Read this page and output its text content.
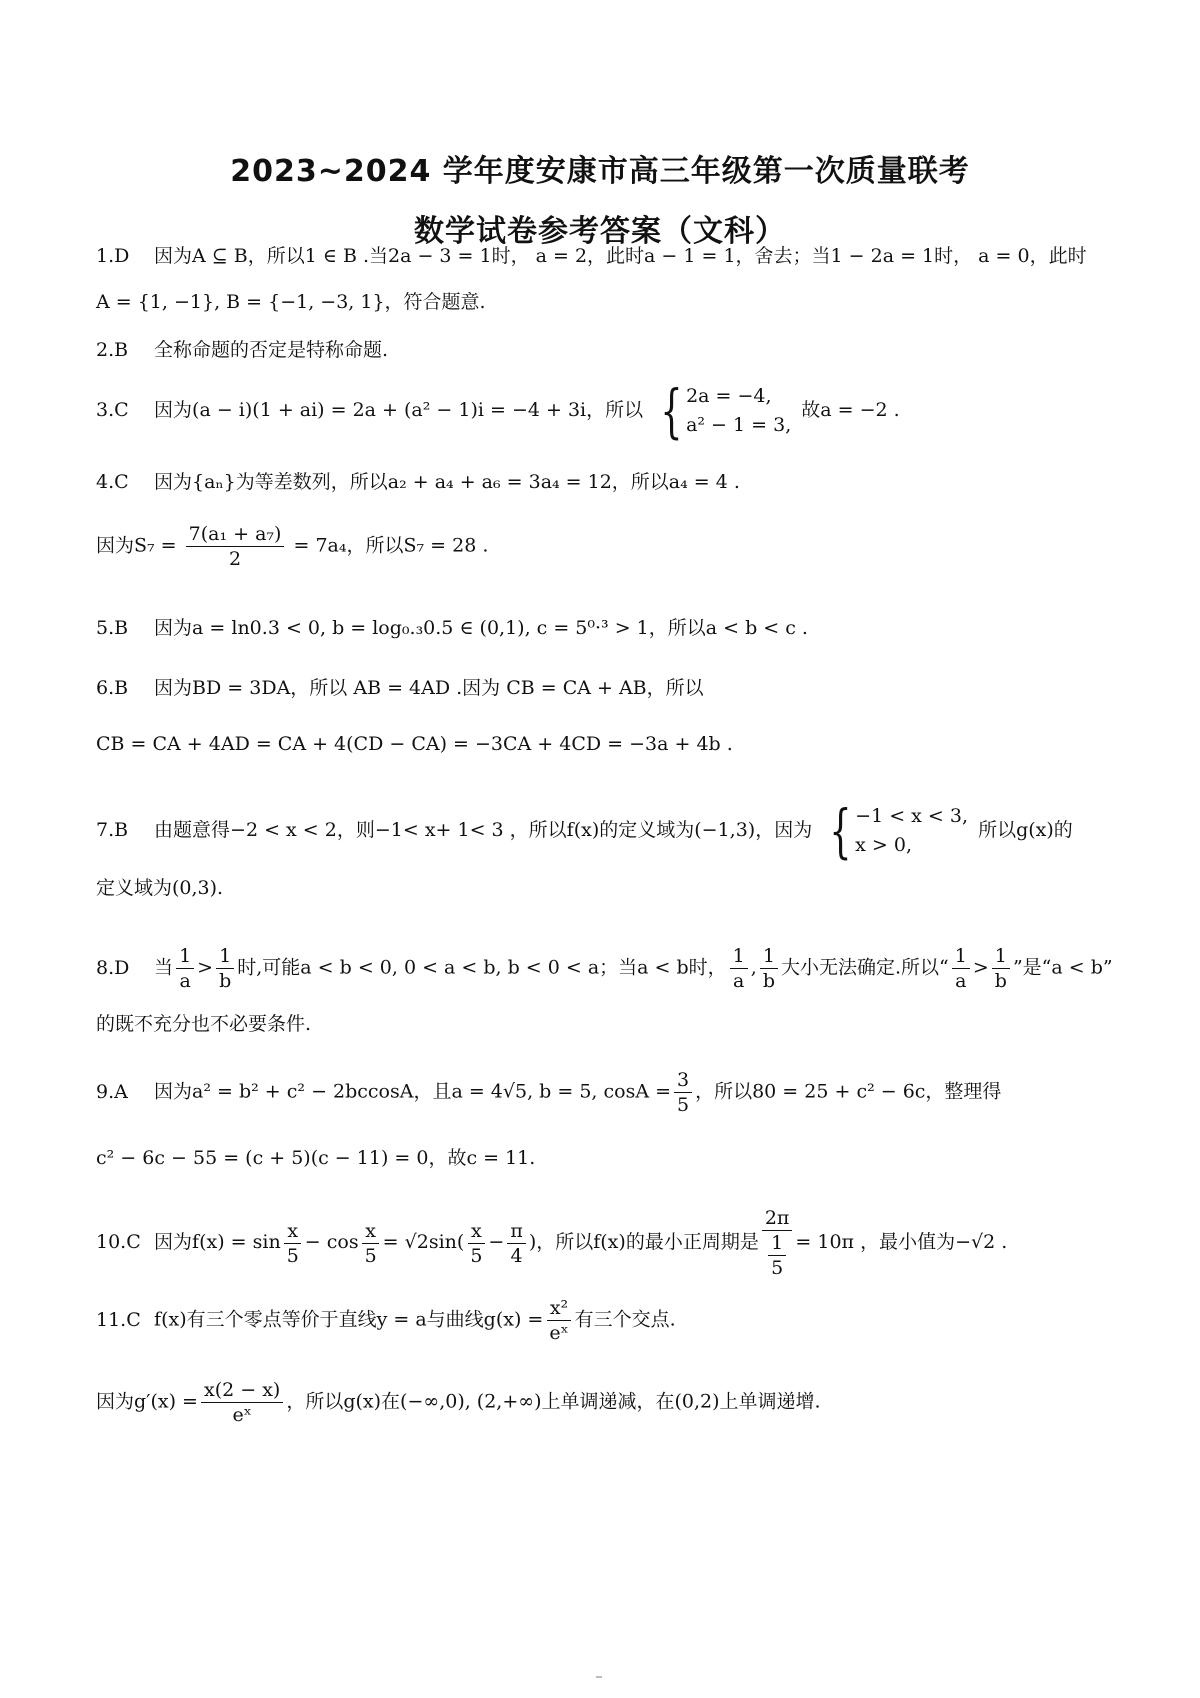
2023~2024 学年度安康市高三年级第一次质量联考
数学试卷参考答案（文科）
1.D 因为A ⊆ B，所以1 ∈ B .当2a − 3 = 1时， a = 2，此时a − 1 = 1，舍去；当1 − 2a = 1时， a = 0，此时
A = {1, −1}, B = {−1, −3, 1}，符合题意.
2.B 全称命题的否定是特称命题.
3.C 因为(a − i)(1 + ai) = 2a + (a² − 1)i = −4 + 3i，所以 { 2a = −4,
a² − 1 = 3,
故a = −2 .
4.C 因为{aₙ}为等差数列，所以a₂ + a₄ + a₆ = 3a₄ = 12，所以a₄ = 4 .
因为$S_7 = \frac{\text{7(a₁ + a₇)}}{2} = 7a_4$，所以S₇ = 28 .
5.B 因为a = ln0.3 < 0, b = log₀.₃0.5 ∈ (0,1), c = 5⁰·³ > 1，所以a < b < c .
6.B 因为BD = 3DA，所以 AB = 4AD .因为 CB = CA + AB，所以
CB = CA + 4AD = CA + 4(CD − CA) = −3CA + 4CD = −3a + 4b .
7.B 由题意得−2 < x < 2，则−1< x+ 1< 3 ，所以f(x)的定义域为(−1,3)，因为 { −1 < x < 3,
x > 0,
所以g(x)的
定义域为(0,3).
8.D 当 $\frac{1}{a} > \frac{1}{b}$ 时,可能a < b < 0, 0 < a < b, b < 0 < a；当a < b时， $\frac{1}{a}$ , $\frac{1}{b}$ 大小无法确定.所以“ $\frac{1}{a} > \frac{1}{b}$ ”是“a < b”
的既不充分也不必要条件.
9.A 因为a² = b² + c² − 2bccosA，且a = 4√5, b = 5, $\cos A = \frac{3}{5}$ ，所以80 = 25 + c² − 6c，整理得
c² − 6c − 55 = (c + 5)(c − 11) = 0，故c = 11.
10.C 因为$f(x) = \sin \frac{x}{5} - \cos \frac{x}{5} = √2\sin( \frac{x}{5} - \frac{\pi}{4}$ )，所以f(x)的最小正周期是 $\frac{2\pi}{\frac{1}{5}} = 10\pi$ ，最小值为−√2 .
11.C f(x)有三个零点等价于直线y = a与曲线$g(x) = \frac{\text{x²}}{\text{eˣ}}$ 有三个交点.
因为$g'(x) = \frac{x(2 - x)}{\text{eˣ}}$ ，所以g(x)在(−∞,0), (2,+∞)上单调递减，在(0,2)上单调递增.
